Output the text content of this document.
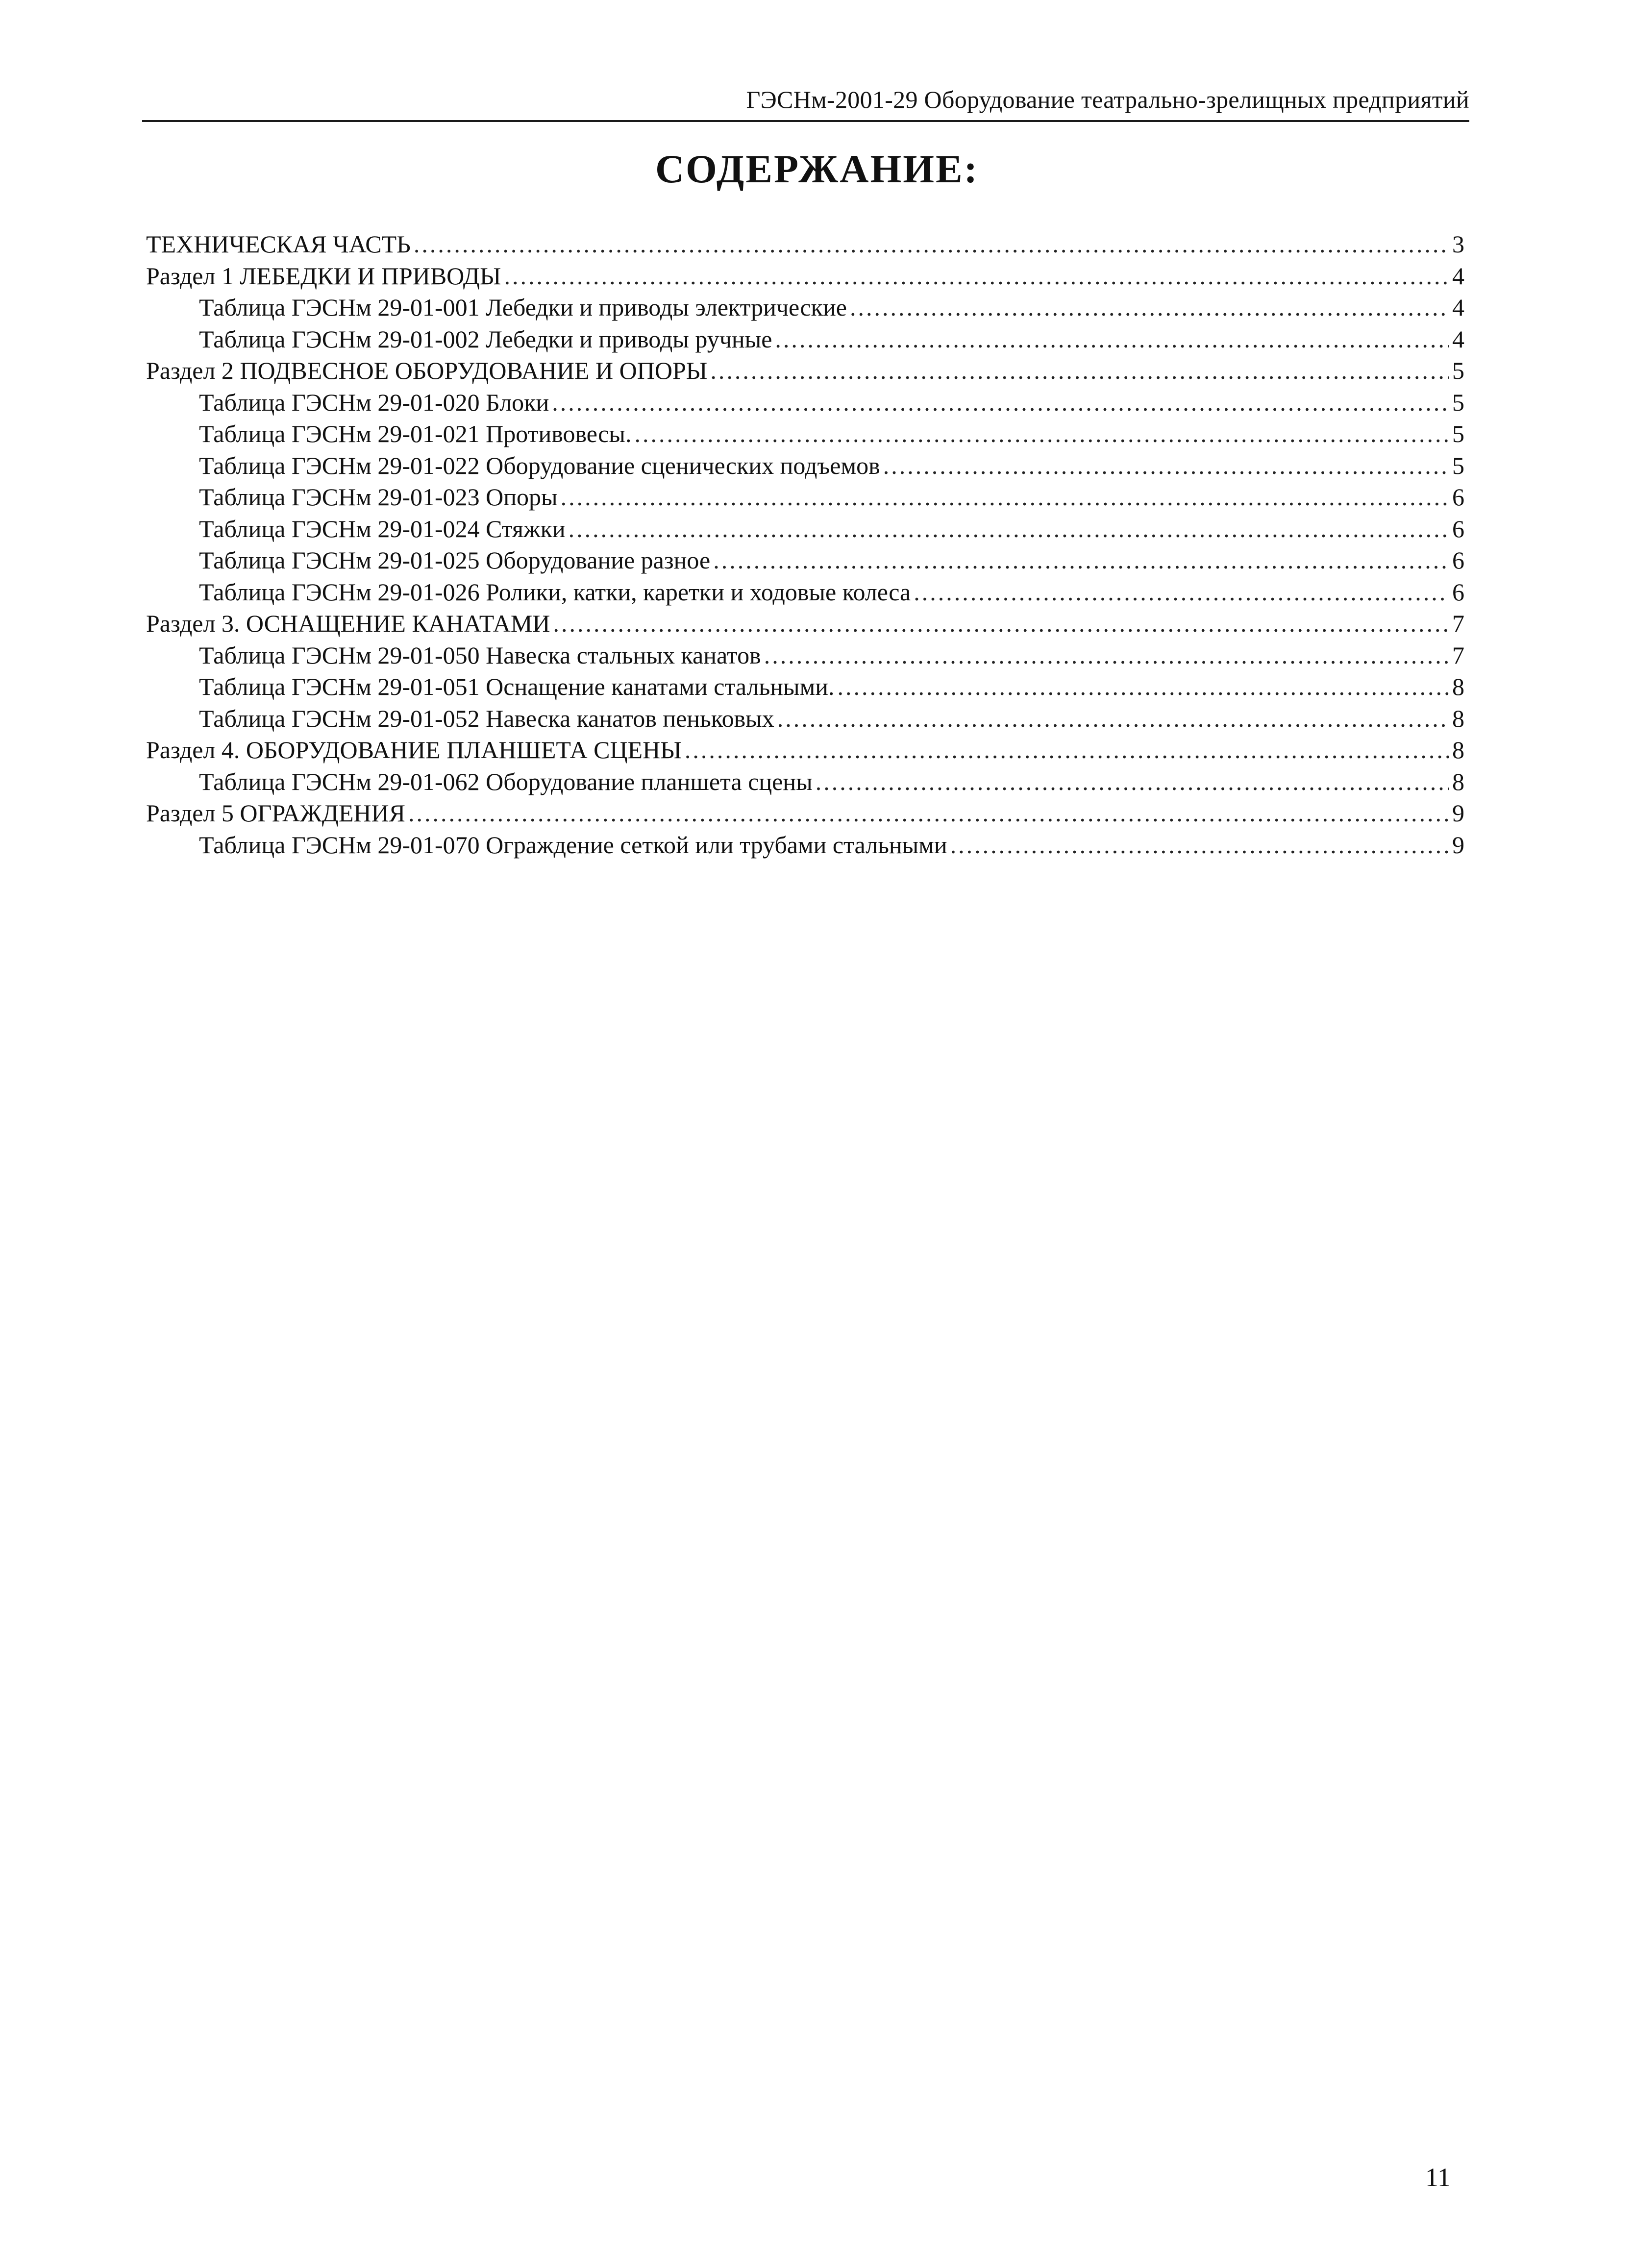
ГЭСНм-2001-29 Оборудование театрально-зрелищных предприятий
СОДЕРЖАНИЕ:
ТЕХНИЧЕСКАЯ ЧАСТЬ .....	3
Раздел 1 ЛЕБЕДКИ И ПРИВОДЫ .....	4
Таблица ГЭСНм 29-01-001 Лебедки и приводы электрические .....	4
Таблица ГЭСНм 29-01-002 Лебедки и приводы ручные .....	4
Раздел 2 ПОДВЕСНОЕ ОБОРУДОВАНИЕ И ОПОРЫ .....	5
Таблица ГЭСНм 29-01-020 Блоки .....	5
Таблица ГЭСНм 29-01-021 Противовесы. .....	5
Таблица ГЭСНм 29-01-022 Оборудование сценических подъемов .....	5
Таблица ГЭСНм 29-01-023 Опоры .....	6
Таблица ГЭСНм 29-01-024 Стяжки .....	6
Таблица ГЭСНм 29-01-025 Оборудование разное .....	6
Таблица ГЭСНм 29-01-026 Ролики, катки, каретки и ходовые колеса .....	6
Раздел 3. ОСНАЩЕНИЕ КАНАТАМИ .....	7
Таблица ГЭСНм 29-01-050 Навеска стальных канатов .....	7
Таблица ГЭСНм 29-01-051 Оснащение канатами стальными. .....	8
Таблица ГЭСНм 29-01-052 Навеска канатов пеньковых .....	8
Раздел 4. ОБОРУДОВАНИЕ ПЛАНШЕТА СЦЕНЫ .....	8
Таблица ГЭСНм 29-01-062 Оборудование планшета сцены .....	8
Раздел 5 ОГРАЖДЕНИЯ .....	9
Таблица ГЭСНм 29-01-070 Ограждение сеткой или трубами стальными .....	9
11
